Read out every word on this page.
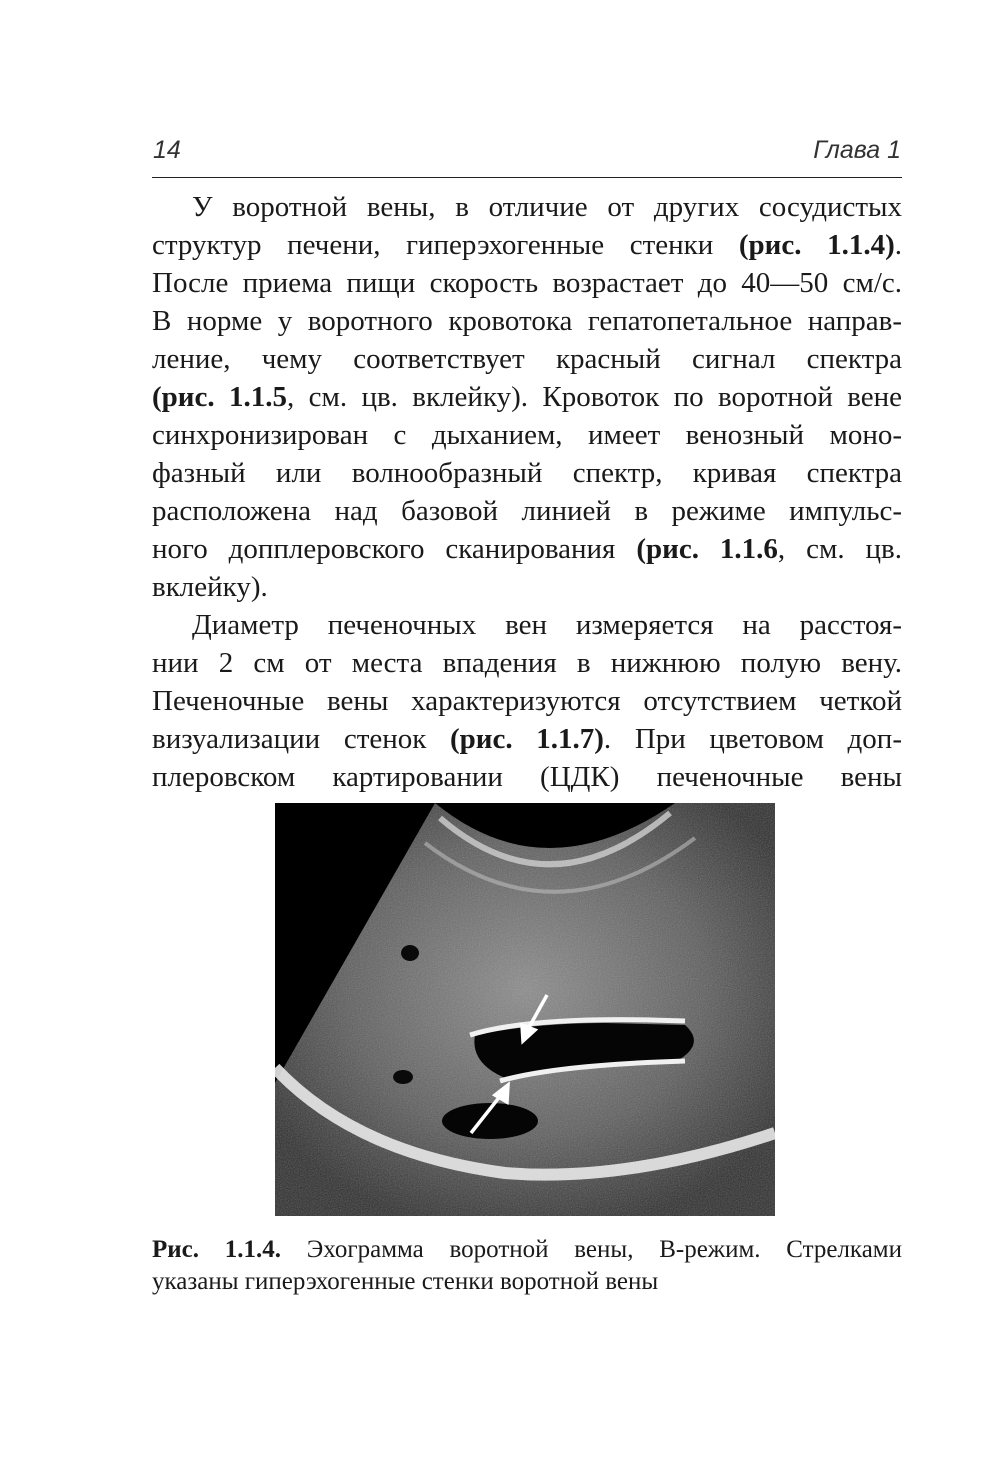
14	Глава 1
У воротной вены, в отличие от других сосудистых
структур печени, гиперэхогенные стенки (рис. 1.1.4).
После приема пищи скорость возрастает до 40—50 см/с.
В норме у воротного кровотока гепатопетальное направ-
ление, чему соответствует красный сигнал спектра
(рис. 1.1.5, см. цв. вклейку). Кровоток по воротной вене
синхронизирован с дыханием, имеет венозный моно-
фазный или волнообразный спектр, кривая спектра
расположена над базовой линией в режиме импульс-
ного допплеровского сканирования (рис. 1.1.6, см. цв.
вклейку).
Диаметр печеночных вен измеряется на расстоя-
нии 2 см от места впадения в нижнюю полую вену.
Печеночные вены характеризуются отсутствием четкой
визуализации стенок (рис. 1.1.7). При цветовом доп-
плеровском картировании (ЦДК) печеночные вены
Рис. 1.1.4. Эхограмма воротной вены, В-режим. Стрелками
указаны гиперэхогенные стенки воротной вены
